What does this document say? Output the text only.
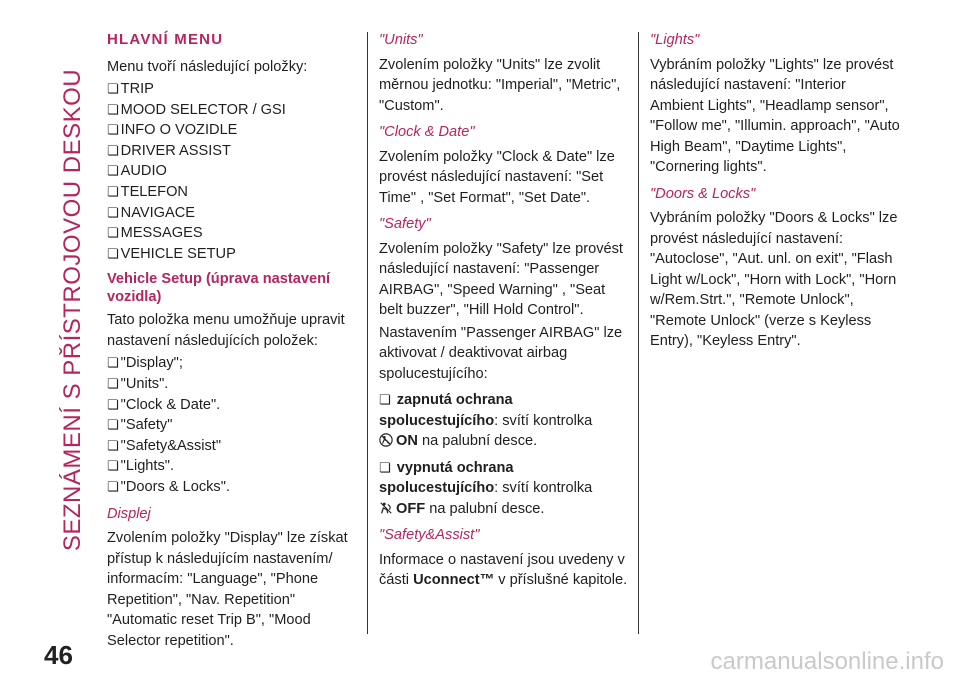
SEZNÁMENÍ S PŘÍSTROJOVOU DESKOU
HLAVNÍ MENU

Menu tvoří následující položky:

❏ TRIP
❏ MOOD SELECTOR / GSI
❏ INFO O VOZIDLE
❏ DRIVER ASSIST
❏ AUDIO
❏ TELEFON
❏ NAVIGACE
❏ MESSAGES
❏ VEHICLE SETUP
Vehicle Setup (úprava nastavení vozidla)

Tato položka menu umožňuje upravit nastavení následujících položek:

❏ "Display";
❏ "Units".
❏ "Clock & Date".
❏ "Safety"
❏ "Safety&Assist"
❏ "Lights".
❏ "Doors & Locks".
Displej

Zvolením položky "Display" lze získat přístup k následujícím nastavením/ informacím: "Language", "Phone Repetition", "Nav. Repetition" "Automatic reset Trip B", "Mood Selector repetition".

"Units"

Zvolením položky "Units" lze zvolit měrnou jednotku: "Imperial", "Metric", "Custom".

"Clock & Date"

Zvolením položky "Clock & Date" lze provést následující nastavení: "Set Time" , "Set Format", "Set Date".

"Safety"

Zvolením položky "Safety" lze provést následující nastavení: "Passenger AIRBAG", "Speed Warning" , "Seat belt buzzer", "Hill Hold Control".

Nastavením "Passenger AIRBAG" lze aktivovat / deaktivovat airbag spolucestujícího:

❏ zapnutá ochrana spolucestujícího: svítí kontrolka
ON na palubní desce.
❏ vypnutá ochrana spolucestujícího: svítí kontrolka
OFF na palubní desce.
"Safety&Assist"

Informace o nastavení jsou uvedeny v části Uconnect™ v příslušné kapitole.

"Lights"

Vybráním položky "Lights" lze provést následující nastavení: "Interior Ambient Lights", "Headlamp sensor", "Follow me", "Illumin. approach", "Auto High Beam", "Daytime Lights", "Cornering lights".

"Doors & Locks"

Vybráním položky "Doors & Locks" lze provést následující nastavení: "Autoclose", "Aut. unl. on exit", "Flash Light w/Lock", "Horn with Lock", "Horn w/Rem.Strt.", "Remote Unlock", "Remote Unlock" (verze s Keyless Entry), "Keyless Entry".

46	carmanualsonline.info
